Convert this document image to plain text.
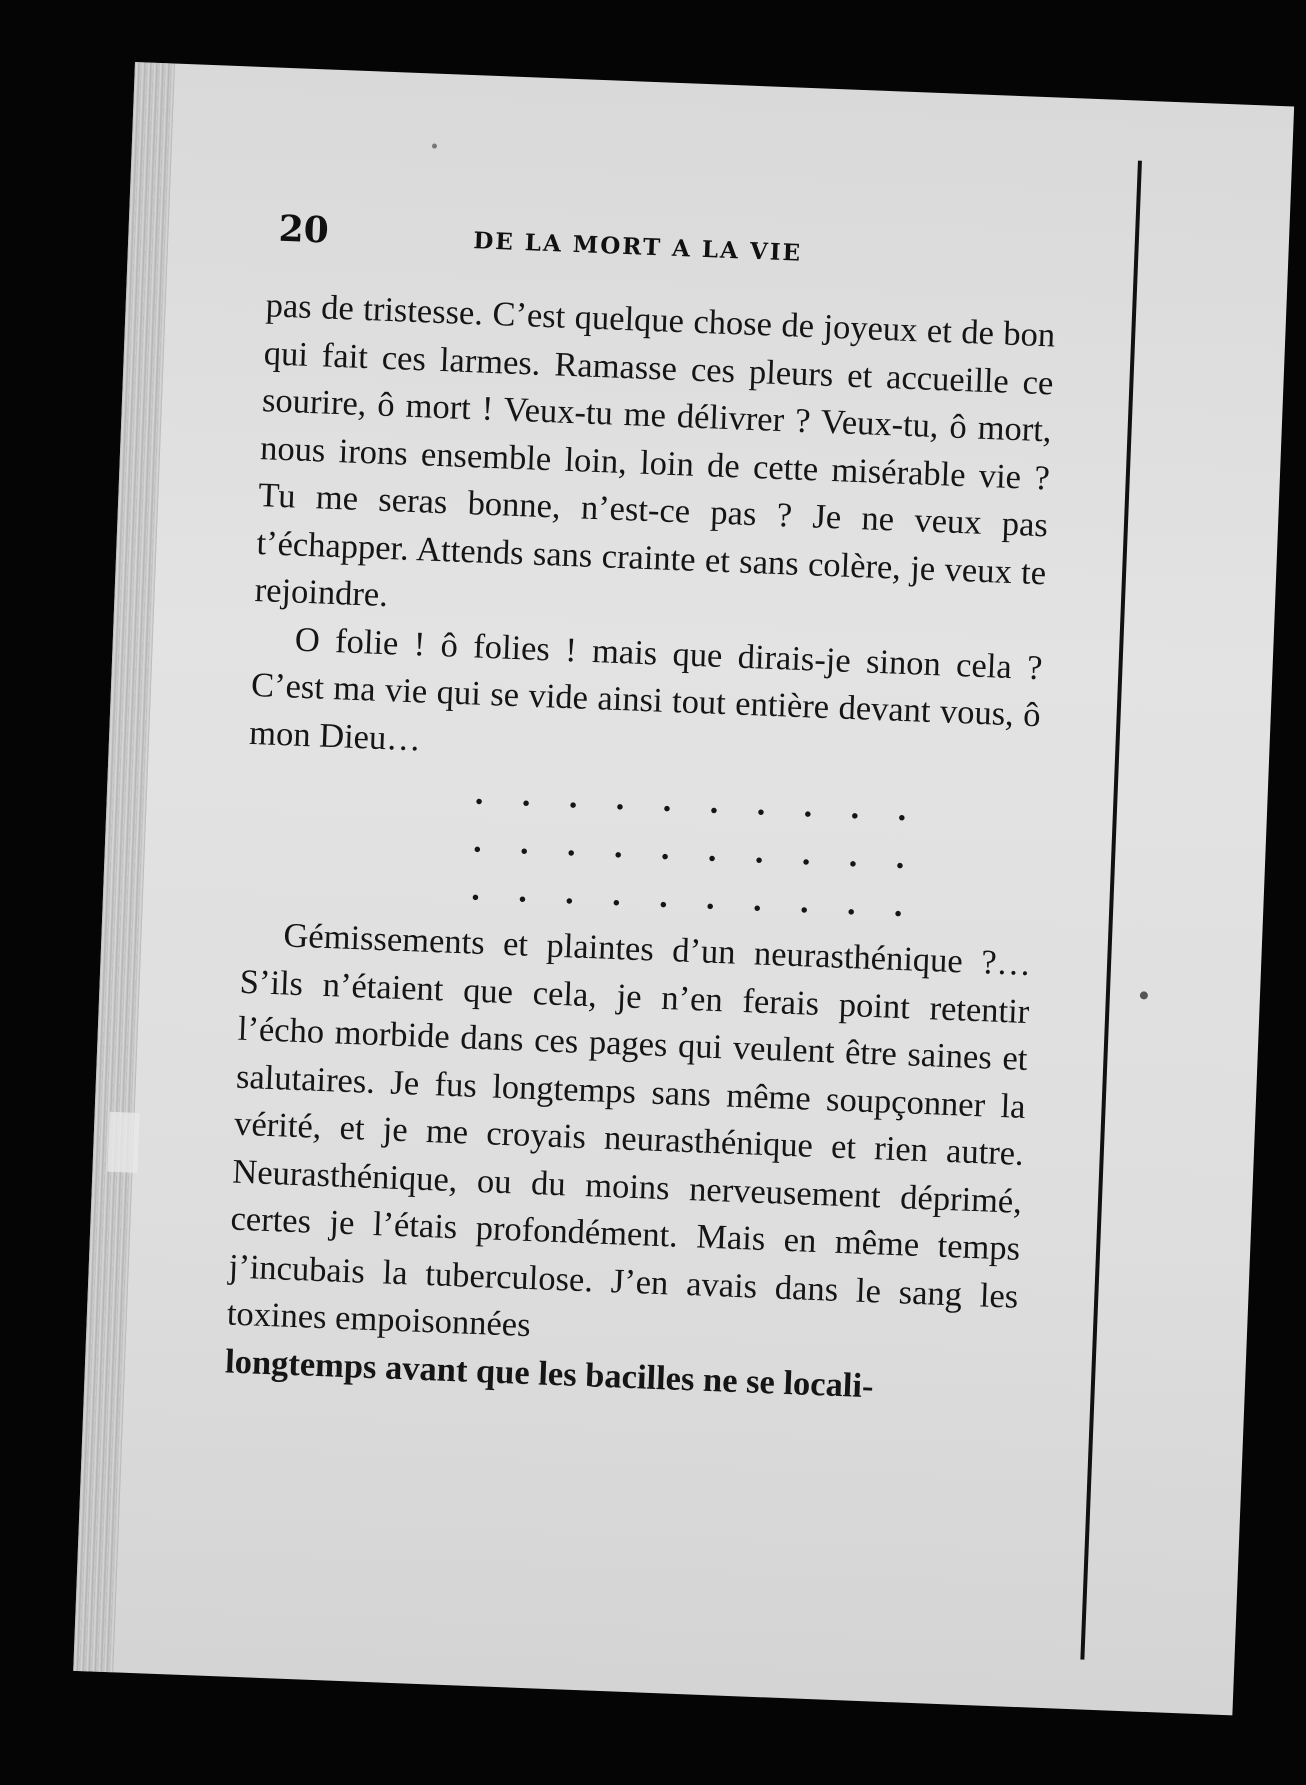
20	DE LA MORT A LA VIE

pas de tristesse. C’est quelque chose de joyeux et de bon qui fait ces larmes. Ramasse ces pleurs et accueille ce sourire, ô mort ! Veux-tu me délivrer ? Veux-tu, ô mort, nous irons ensemble loin, loin de cette misérable vie ? Tu me seras bonne, n’est-ce pas ? Je ne veux pas t’échapper. Attends sans crainte et sans colère, je veux te rejoindre.

O folie ! ô folies ! mais que dirais-je sinon cela ? C’est ma vie qui se vide ainsi tout entière devant vous, ô mon Dieu…

. . . . . . . . . .
. . . . . . . . . .
. . . . . . . . . .

Gémissements et plaintes d’un neurasthénique ?… S’ils n’étaient que cela, je n’en ferais point retentir l’écho morbide dans ces pages qui veulent être saines et salutaires. Je fus longtemps sans même soupçonner la vérité, et je me croyais neurasthénique et rien autre. Neurasthénique, ou du moins nerveusement déprimé, certes je l’étais profondément. Mais en même temps j’incubais la tuberculose. J’en avais dans le sang les toxines empoisonnées

longtemps avant que les bacilles ne se locali-
